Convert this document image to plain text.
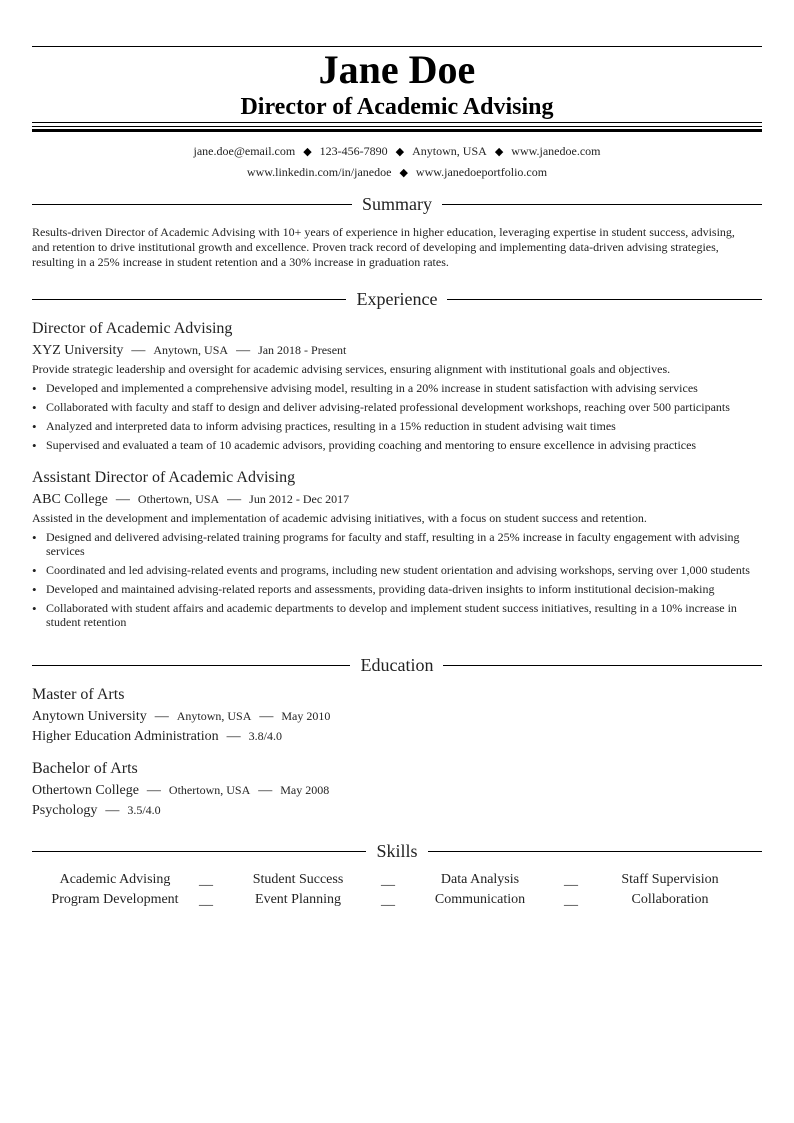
Jane Doe
Director of Academic Advising
jane.doe@email.com ◆ 123-456-7890 ◆ Anytown, USA ◆ www.janedoe.com
www.linkedin.com/in/janedoe ◆ www.janedoeportfolio.com
Summary
Results-driven Director of Academic Advising with 10+ years of experience in higher education, leveraging expertise in student success, advising, and retention to drive institutional growth and excellence. Proven track record of developing and implementing data-driven advising strategies, resulting in a 25% increase in student retention and a 30% increase in graduation rates.
Experience
Director of Academic Advising
XYZ University — Anytown, USA — Jan 2018 - Present
Provide strategic leadership and oversight for academic advising services, ensuring alignment with institutional goals and objectives.
• Developed and implemented a comprehensive advising model, resulting in a 20% increase in student satisfaction with advising services
• Collaborated with faculty and staff to design and deliver advising-related professional development workshops, reaching over 500 participants
• Analyzed and interpreted data to inform advising practices, resulting in a 15% reduction in student advising wait times
• Supervised and evaluated a team of 10 academic advisors, providing coaching and mentoring to ensure excellence in advising practices
Assistant Director of Academic Advising
ABC College — Othertown, USA — Jun 2012 - Dec 2017
Assisted in the development and implementation of academic advising initiatives, with a focus on student success and retention.
• Designed and delivered advising-related training programs for faculty and staff, resulting in a 25% increase in faculty engagement with advising services
• Coordinated and led advising-related events and programs, including new student orientation and advising workshops, serving over 1,000 students
• Developed and maintained advising-related reports and assessments, providing data-driven insights to inform institutional decision-making
• Collaborated with student affairs and academic departments to develop and implement student success initiatives, resulting in a 10% increase in student retention
Education
Master of Arts
Anytown University — Anytown, USA — May 2010
Higher Education Administration — 3.8/4.0
Bachelor of Arts
Othertown College — Othertown, USA — May 2008
Psychology — 3.5/4.0
Skills
Academic Advising	__	Student Success	__	Data Analysis	__	Staff Supervision
Program Development	__	Event Planning	__	Communication	__	Collaboration
